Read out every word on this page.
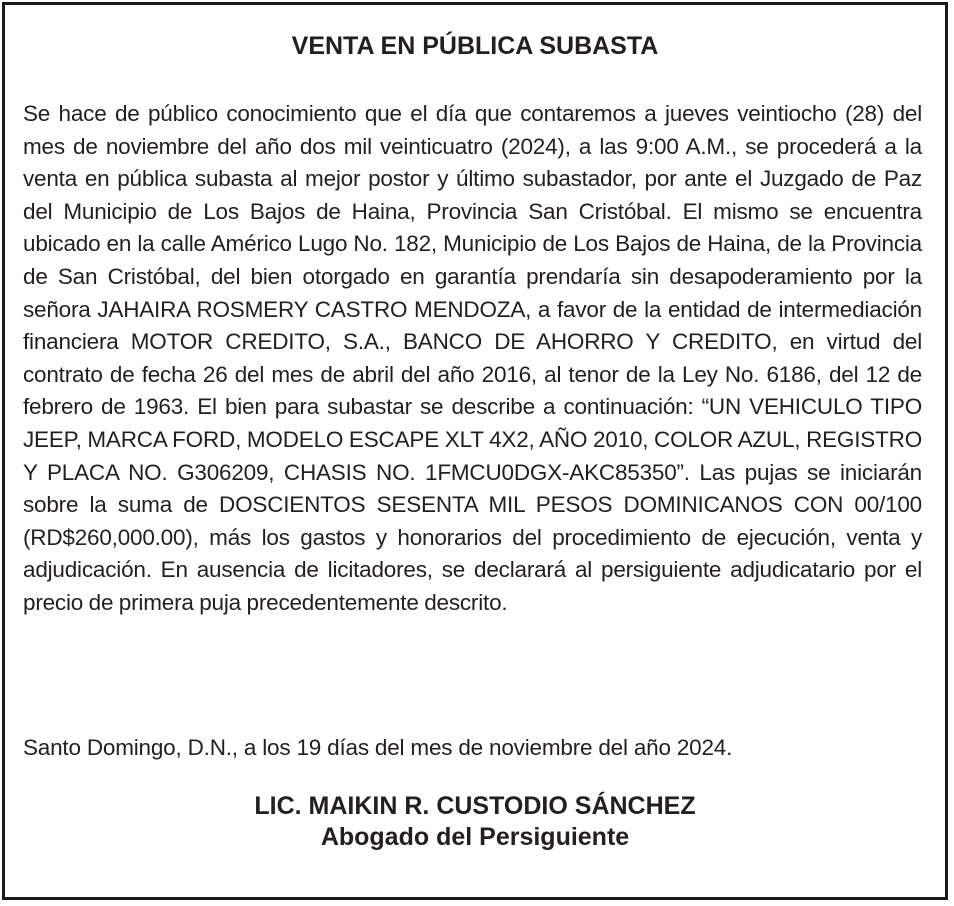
VENTA EN PÚBLICA SUBASTA

Se hace de público conocimiento que el día que contaremos a jueves veintiocho (28) del mes de noviembre del año dos mil veinticuatro (2024), a las 9:00 A.M., se procederá a la venta en pública subasta al mejor postor y último subastador, por ante el Juzgado de Paz del Municipio de Los Bajos de Haina, Provincia San Cristóbal. El mismo se encuentra ubicado en la calle Américo Lugo No. 182, Municipio de Los Bajos de Haina, de la Provincia de San Cristóbal, del bien otorgado en garantía prendaría sin desapoderamiento por la señora JAHAIRA ROSMERY CASTRO MENDOZA, a favor de la entidad de intermediación financiera MOTOR CREDITO, S.A., BANCO DE AHORRO Y CREDITO, en virtud del contrato de fecha 26 del mes de abril del año 2016, al tenor de la Ley No. 6186, del 12 de febrero de 1963. El bien para subastar se describe a continuación: “UN VEHICULO TIPO JEEP, MARCA FORD, MODELO ESCAPE XLT 4X2, AÑO 2010, COLOR AZUL, REGISTRO Y PLACA NO. G306209, CHASIS NO. 1FMCU0DGX-AKC85350”. Las pujas se iniciarán sobre la suma de DOSCIENTOS SESENTA MIL PESOS DOMINICANOS CON 00/100 (RD$260,000.00), más los gastos y honorarios del procedimiento de ejecución, venta y adjudicación. En ausencia de licitadores, se declarará al persiguiente adjudicatario por el precio de primera puja precedentemente descrito.

Santo Domingo, D.N., a los 19 días del mes de noviembre del año 2024.

LIC. MAIKIN R. CUSTODIO SÁNCHEZ
Abogado del Persiguiente
